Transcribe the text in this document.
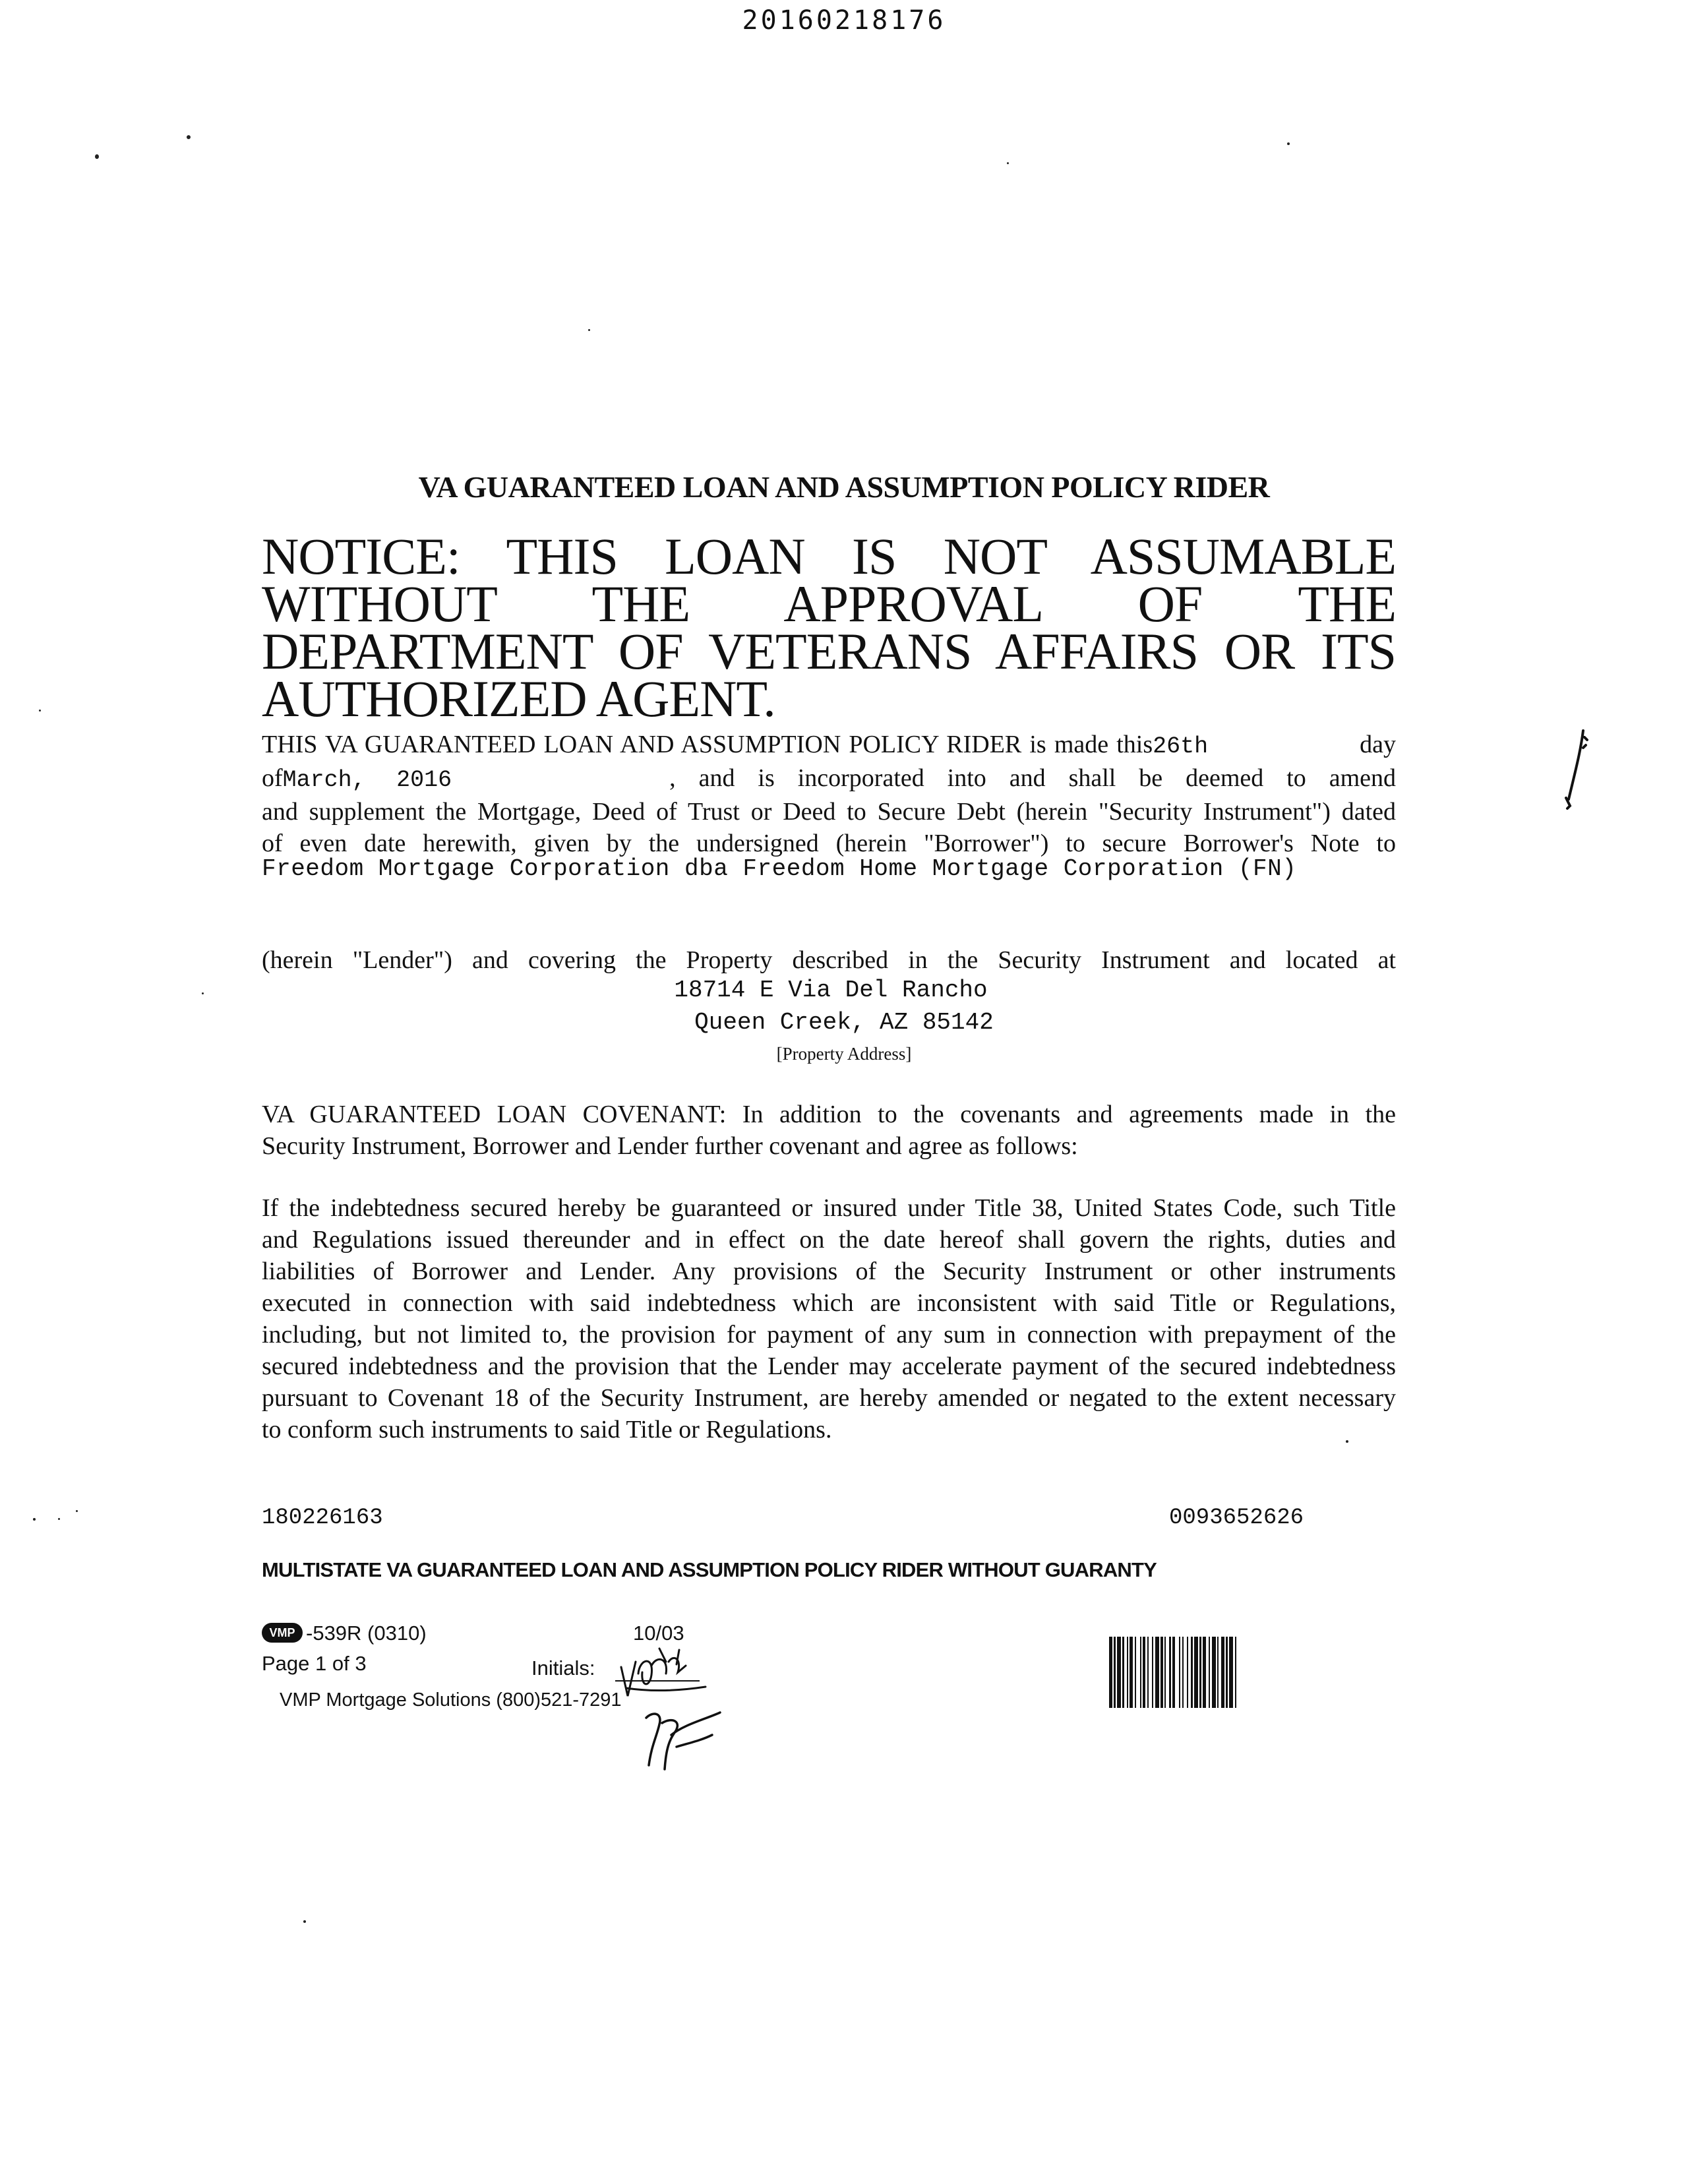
20160218176
VA GUARANTEED LOAN AND ASSUMPTION POLICY RIDER
NOTICE: THIS LOAN IS NOT ASSUMABLE WITHOUT THE APPROVAL OF THE DEPARTMENT OF VETERANS AFFAIRS OR ITS AUTHORIZED AGENT.
THIS VA GUARANTEED LOAN AND ASSUMPTION POLICY RIDER is made this26th	day
ofMarch, 2016	, and is incorporated into and shall be deemed to amend
and supplement the Mortgage, Deed of Trust or Deed to Secure Debt (herein "Security Instrument") dated
of even date herewith, given by the undersigned (herein "Borrower") to secure Borrower's Note to
Freedom Mortgage Corporation dba Freedom Home Mortgage Corporation (FN)
(herein "Lender") and covering the Property described in the Security Instrument and located at
18714 E Via Del Rancho
Queen Creek, AZ 85142
[Property Address]
VA GUARANTEED LOAN COVENANT: In addition to the covenants and agreements made in the
Security Instrument, Borrower and Lender further covenant and agree as follows:
If the indebtedness secured hereby be guaranteed or insured under Title 38, United States Code, such Title
and Regulations issued thereunder and in effect on the date hereof shall govern the rights, duties and
liabilities of Borrower and Lender. Any provisions of the Security Instrument or other instruments
executed in connection with said indebtedness which are inconsistent with said Title or Regulations,
including, but not limited to, the provision for payment of any sum in connection with prepayment of the
secured indebtedness and the provision that the Lender may accelerate payment of the secured indebtedness
pursuant to Covenant 18 of the Security Instrument, are hereby amended or negated to the extent necessary
to conform such instruments to said Title or Regulations.
180226163	0093652626
MULTISTATE VA GUARANTEED LOAN AND ASSUMPTION POLICY RIDER WITHOUT GUARANTY
VMP -539R (0310)	10/03
Page 1 of 3	Initials:
VMP Mortgage Solutions (800)521-7291
